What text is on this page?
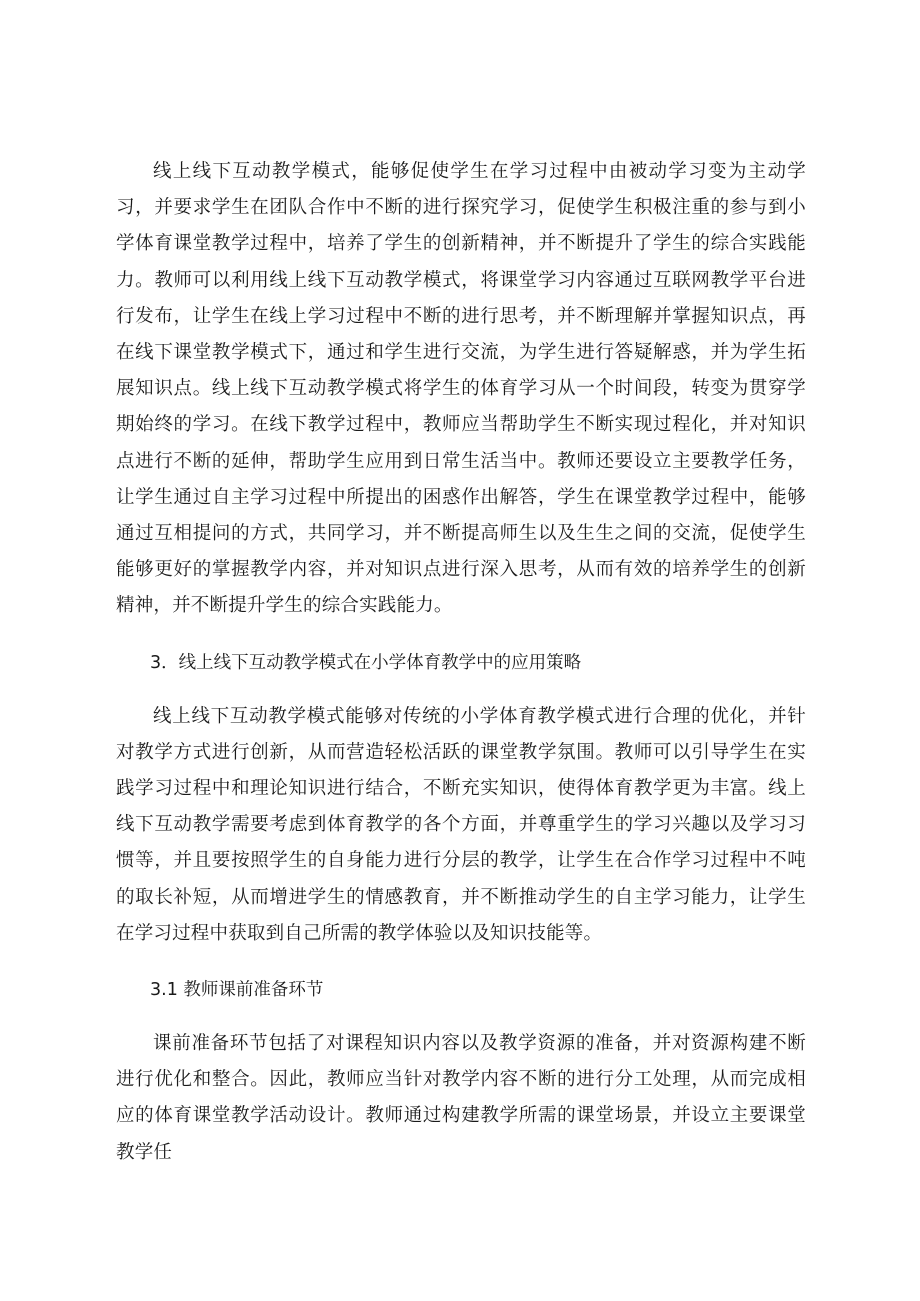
线上线下互动教学模式，能够促使学生在学习过程中由被动学习变为主动学习，并要求学生在团队合作中不断的进行探究学习，促使学生积极注重的参与到小学体育课堂教学过程中，培养了学生的创新精神，并不断提升了学生的综合实践能力。教师可以利用线上线下互动教学模式，将课堂学习内容通过互联网教学平台进行发布，让学生在线上学习过程中不断的进行思考，并不断理解并掌握知识点，再在线下课堂教学模式下，通过和学生进行交流，为学生进行答疑解惑，并为学生拓展知识点。线上线下互动教学模式将学生的体育学习从一个时间段，转变为贯穿学期始终的学习。在线下教学过程中，教师应当帮助学生不断实现过程化，并对知识点进行不断的延伸，帮助学生应用到日常生活当中。教师还要设立主要教学任务，让学生通过自主学习过程中所提出的困惑作出解答，学生在课堂教学过程中，能够通过互相提问的方式，共同学习，并不断提高师生以及生生之间的交流，促使学生能够更好的掌握教学内容，并对知识点进行深入思考，从而有效的培养学生的创新精神，并不断提升学生的综合实践能力。

3．线上线下互动教学模式在小学体育教学中的应用策略

线上线下互动教学模式能够对传统的小学体育教学模式进行合理的优化，并针对教学方式进行创新，从而营造轻松活跃的课堂教学氛围。教师可以引导学生在实践学习过程中和理论知识进行结合，不断充实知识，使得体育教学更为丰富。线上线下互动教学需要考虑到体育教学的各个方面，并尊重学生的学习兴趣以及学习习惯等，并且要按照学生的自身能力进行分层的教学，让学生在合作学习过程中不吨的取长补短，从而增进学生的情感教育，并不断推动学生的自主学习能力，让学生在学习过程中获取到自己所需的教学体验以及知识技能等。

3.1 教师课前准备环节

课前准备环节包括了对课程知识内容以及教学资源的准备，并对资源构建不断进行优化和整合。因此，教师应当针对教学内容不断的进行分工处理，从而完成相应的体育课堂教学活动设计。教师通过构建教学所需的课堂场景，并设立主要课堂教学任
